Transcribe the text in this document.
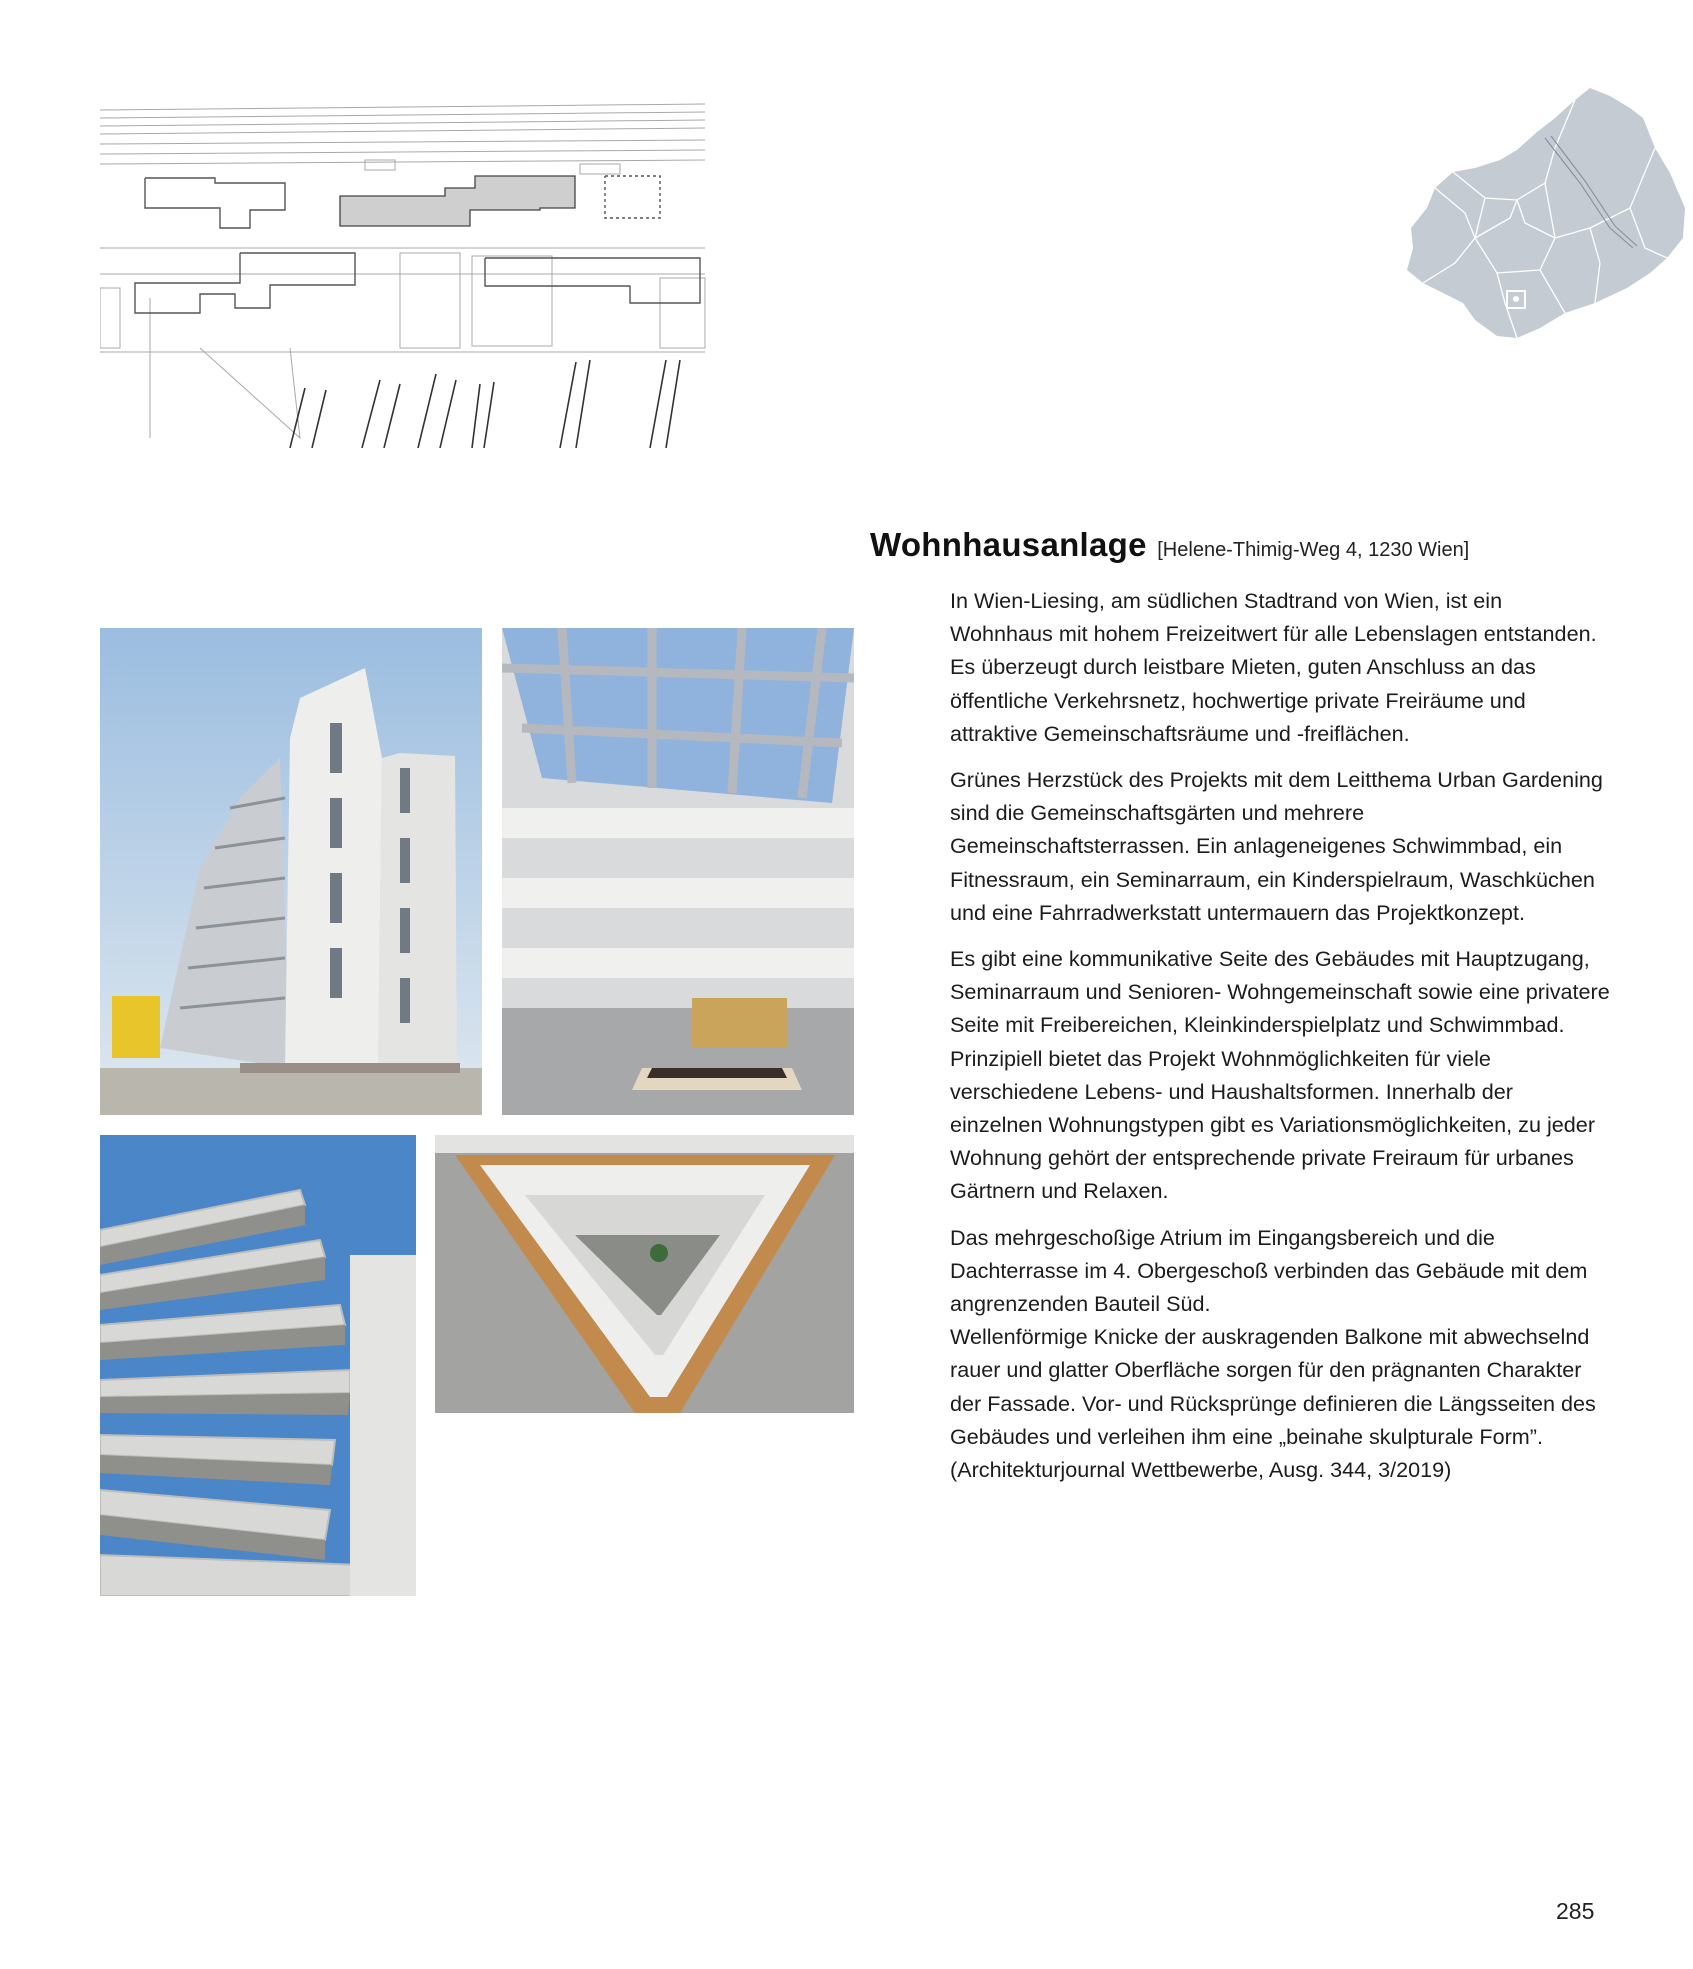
Wohnhausanlage [Helene-Thimig-Weg 4, 1230 Wien]

In Wien-Liesing, am südlichen Stadtrand von Wien, ist ein Wohnhaus mit hohem Freizeitwert für alle Lebenslagen entstanden. Es überzeugt durch leistbare Mieten, guten Anschluss an das öffentliche Verkehrsnetz, hochwertige private Freiräume und attraktive Gemeinschaftsräume und -freiflächen.

Grünes Herzstück des Projekts mit dem Leitthema Urban Gardening sind die Gemeinschaftsgärten und mehrere Gemeinschaftsterrassen. Ein anlageneigenes Schwimmbad, ein Fitnessraum, ein Seminarraum, ein Kinderspielraum, Waschküchen und eine Fahrradwerkstatt untermauern das Projektkonzept.

Es gibt eine kommunikative Seite des Gebäudes mit Hauptzugang, Seminarraum und Senioren- Wohngemeinschaft sowie eine privatere Seite mit Freibereichen, Kleinkinderspielplatz und Schwimmbad. Prinzipiell bietet das Projekt Wohnmöglichkeiten für viele verschiedene Lebens- und Haushaltsformen. Innerhalb der einzelnen Wohnungstypen gibt es Variationsmöglichkeiten, zu jeder Wohnung gehört der entsprechende private Freiraum für urbanes Gärtnern und Relaxen.

Das mehrgeschoßige Atrium im Eingangsbereich und die Dachterrasse im 4. Obergeschoß verbinden das Gebäude mit dem angrenzenden Bauteil Süd.

Wellenförmige Knicke der auskragenden Balkone mit abwechselnd rauer und glatter Oberfläche sorgen für den prägnanten Charakter der Fassade. Vor- und Rücksprünge definieren die Längsseiten des Gebäudes und verleihen ihm eine „beinahe skulpturale Form”.

(Architekturjournal Wettbewerbe, Ausg. 344, 3/2019)

285
